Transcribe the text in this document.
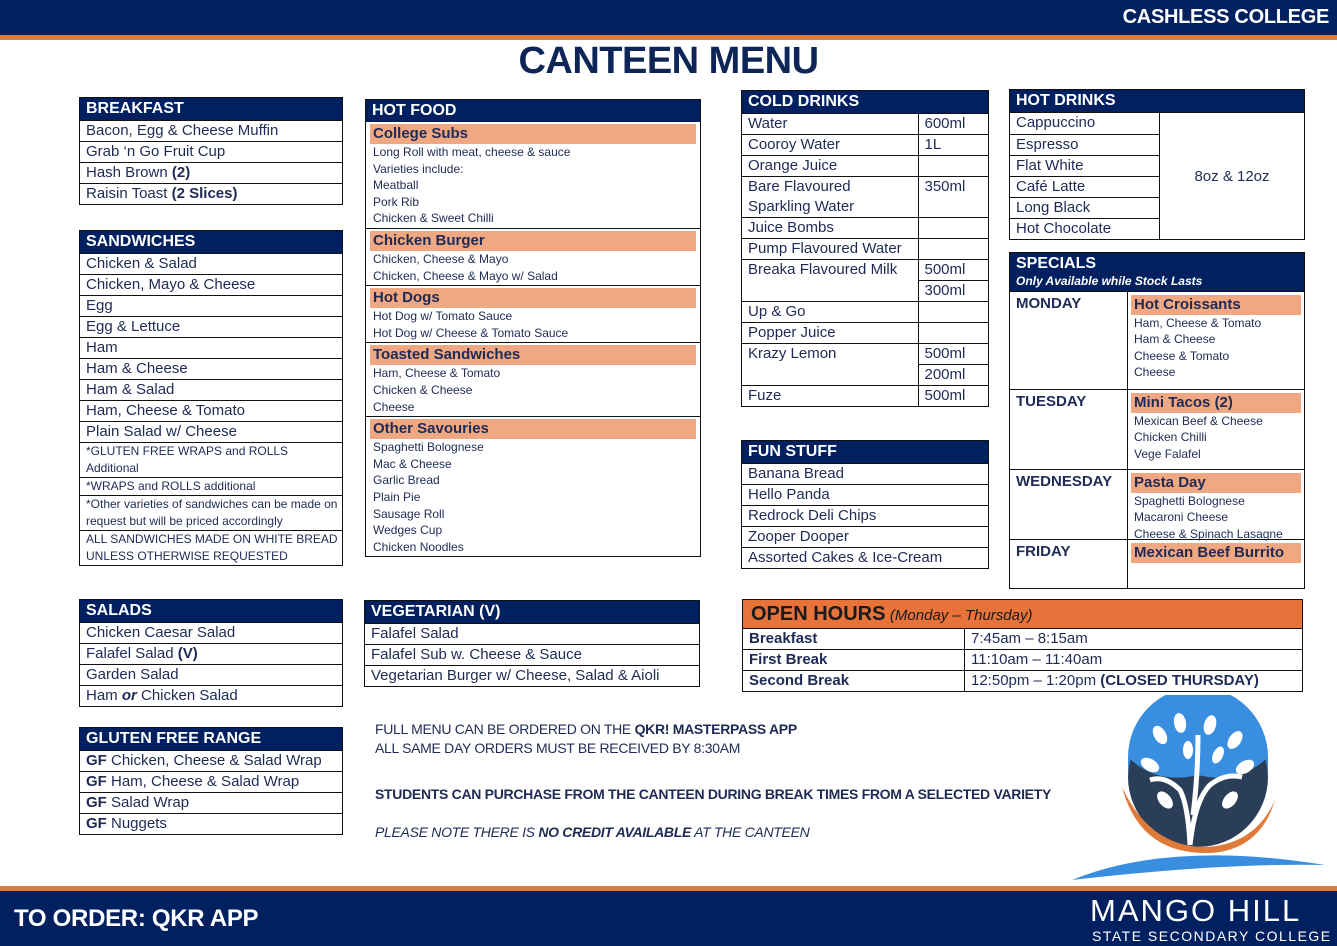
CASHLESS COLLEGE
CANTEEN MENU
BREAKFAST
Bacon, Egg & Cheese Muffin
Grab ‘n Go Fruit Cup
Hash Brown (2)
Raisin Toast (2 Slices)
SANDWICHES
Chicken & Salad
Chicken, Mayo & Cheese
Egg
Egg & Lettuce
Ham
Ham & Cheese
Ham & Salad
Ham, Cheese & Tomato
Plain Salad w/ Cheese
*GLUTEN FREE WRAPS and ROLLS Additional
*WRAPS and ROLLS additional
*Other varieties of sandwiches can be made on request but will be priced accordingly
ALL SANDWICHES MADE ON WHITE BREAD UNLESS OTHERWISE REQUESTED
SALADS
Chicken Caesar Salad
Falafel Salad (V)
Garden Salad
Ham or Chicken Salad
GLUTEN FREE RANGE
GF Chicken, Cheese & Salad Wrap
GF Ham, Cheese & Salad Wrap
GF Salad Wrap
GF Nuggets
HOT FOOD
College Subs
Long Roll with meat, cheese & sauce
Varieties include:
Meatball
Pork Rib
Chicken & Sweet Chilli
Chicken Burger
Chicken, Cheese & Mayo
Chicken, Cheese & Mayo w/ Salad
Hot Dogs
Hot Dog w/ Tomato Sauce
Hot Dog w/ Cheese & Tomato Sauce
Toasted Sandwiches
Ham, Cheese & Tomato
Chicken & Cheese
Cheese
Other Savouries
Spaghetti Bolognese
Mac & Cheese
Garlic Bread
Plain Pie
Sausage Roll
Wedges Cup
Chicken Noodles
VEGETARIAN (V)
Falafel Salad
Falafel Sub w. Cheese & Sauce
Vegetarian Burger w/ Cheese, Salad & Aioli
COLD DRINKS
Water	600ml
Cooroy Water	1L
Orange Juice	
Bare Flavoured Sparkling Water	350ml
Juice Bombs	
Pump Flavoured Water	
Breaka Flavoured Milk	500ml
	300ml
Up & Go	
Popper Juice	
Krazy Lemon	500ml
	200ml
Fuze	500ml
FUN STUFF
Banana Bread
Hello Panda
Redrock Deli Chips
Zooper Dooper
Assorted Cakes & Ice-Cream
HOT DRINKS
Cappuccino
Espresso
Flat White
Café Latte
Long Black
Hot Chocolate
8oz & 12oz
SPECIALS
Only Available while Stock Lasts
MONDAY	Hot Croissants
Ham, Cheese & Tomato
Ham & Cheese
Cheese & Tomato
Cheese
TUESDAY	Mini Tacos (2)
Mexican Beef & Cheese
Chicken Chilli
Vege Falafel
WEDNESDAY	Pasta Day
Spaghetti Bolognese
Macaroni Cheese
Cheese & Spinach Lasagne
FRIDAY	Mexican Beef Burrito
OPEN HOURS (Monday – Thursday)
Breakfast	7:45am – 8:15am
First Break	11:10am – 11:40am
Second Break	12:50pm – 1:20pm (CLOSED THURSDAY)
FULL MENU CAN BE ORDERED ON THE QKR! MASTERPASS APP
ALL SAME DAY ORDERS MUST BE RECEIVED BY 8:30AM
STUDENTS CAN PURCHASE FROM THE CANTEEN DURING BREAK TIMES FROM A SELECTED VARIETY
PLEASE NOTE THERE IS NO CREDIT AVAILABLE AT THE CANTEEN
TO ORDER: QKR APP	MANGO HILL
STATE SECONDARY COLLEGE
